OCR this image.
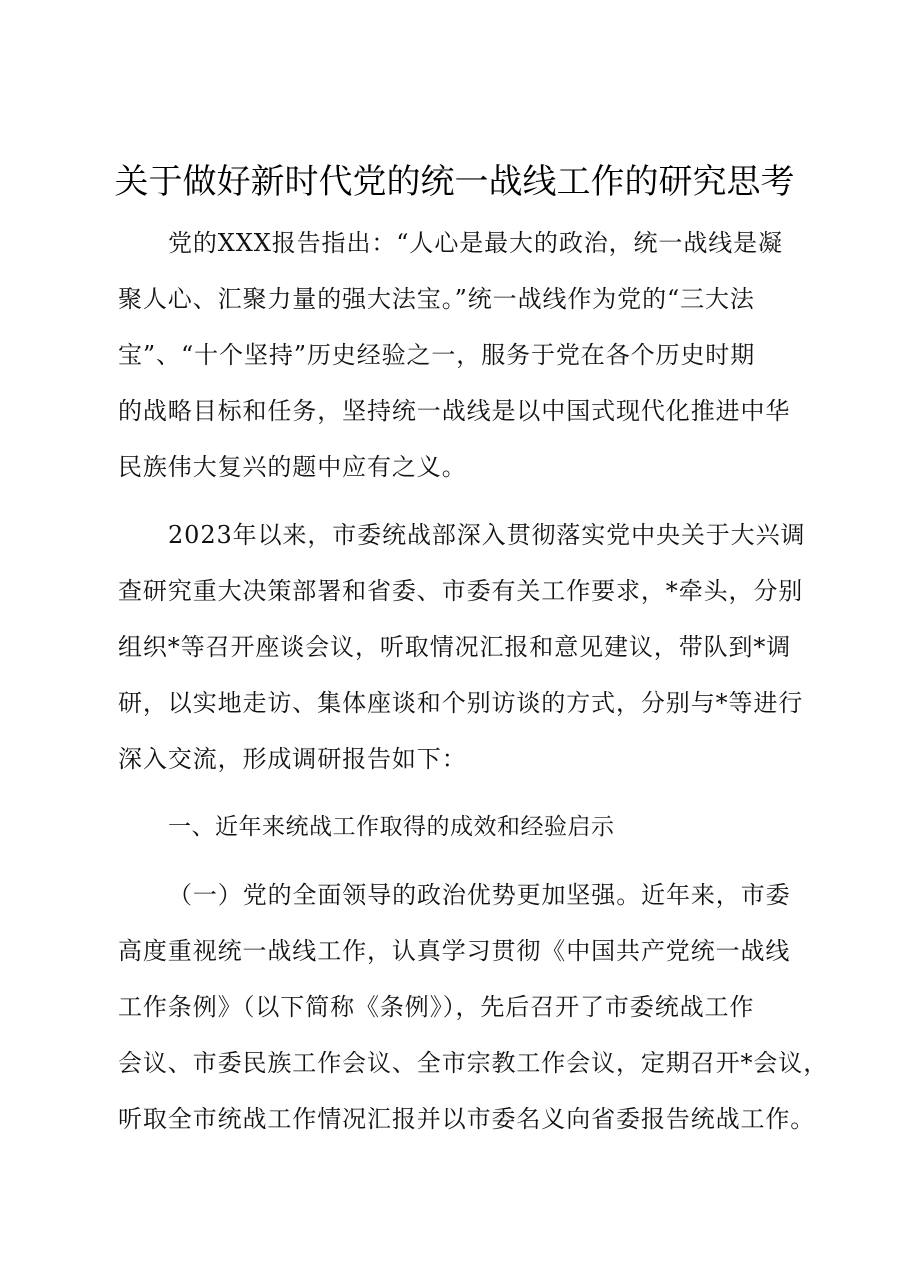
关于做好新时代党的统一战线工作的研究思考
党的XXX报告指出：“人心是最大的政治，统一战线是凝
聚人心、汇聚力量的强大法宝。”统一战线作为党的“三大法
宝”、“十个坚持”历史经验之一，服务于党在各个历史时期
的战略目标和任务，坚持统一战线是以中国式现代化推进中华
民族伟大复兴的题中应有之义。
2023年以来，市委统战部深入贯彻落实党中央关于大兴调
查研究重大决策部署和省委、市委有关工作要求，*牵头，分别
组织*等召开座谈会议，听取情况汇报和意见建议，带队到*调
研，以实地走访、集体座谈和个别访谈的方式，分别与*等进行
深入交流，形成调研报告如下：
一、近年来统战工作取得的成效和经验启示
（一）党的全面领导的政治优势更加坚强。近年来，市委
高度重视统一战线工作，认真学习贯彻《中国共产党统一战线
工作条例》（以下简称《条例》），先后召开了市委统战工作
会议、市委民族工作会议、全市宗教工作会议，定期召开*会议，
听取全市统战工作情况汇报并以市委名义向省委报告统战工作。
